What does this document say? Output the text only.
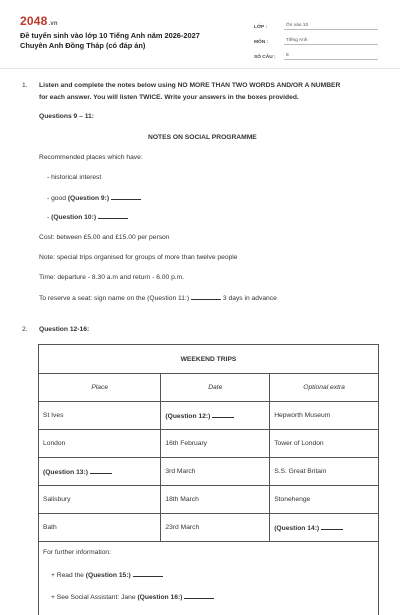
2048.vn
Đề tuyển sinh vào lớp 10 Tiếng Anh năm 2026-2027
Chuyên Anh Đồng Tháp (có đáp án)
LỚP :	Ôn vào 10
MÔN :	Tiếng Anh
SỐ CÂU :	8
1. Listen and complete the notes below using NO MORE THAN TWO WORDS AND/OR A NUMBER
for each answer. You will listen TWICE. Write your answers in the boxes provided.
Questions 9 – 11:
NOTES ON SOCIAL PROGRAMME
Recommended places which have:
- historical interest
- good (Question 9:)
- (Question 10:)
Cost: between £5.00 and £15.00 per person
Note: special trips organised for groups of more than twelve people
Time: departure - 8.30 a.m and return - 6.00 p.m.
To reserve a seat: sign name on the (Question 11:)	3 days in advance
2. Question 12-16:
WEEKEND TRIPS		
Place	Date	Optional extra
St Ives	(Question 12:)	Hepworth Museum
London	16th February	Tower of London
(Question 13:)	3rd March	S.S. Great Britain
Salisbury	18th March	Stonehenge
Bath	23rd March	(Question 14:)

For further information:
+ Read the (Question 15:)
+ See Social Assistant: Jane (Question 16:)		
